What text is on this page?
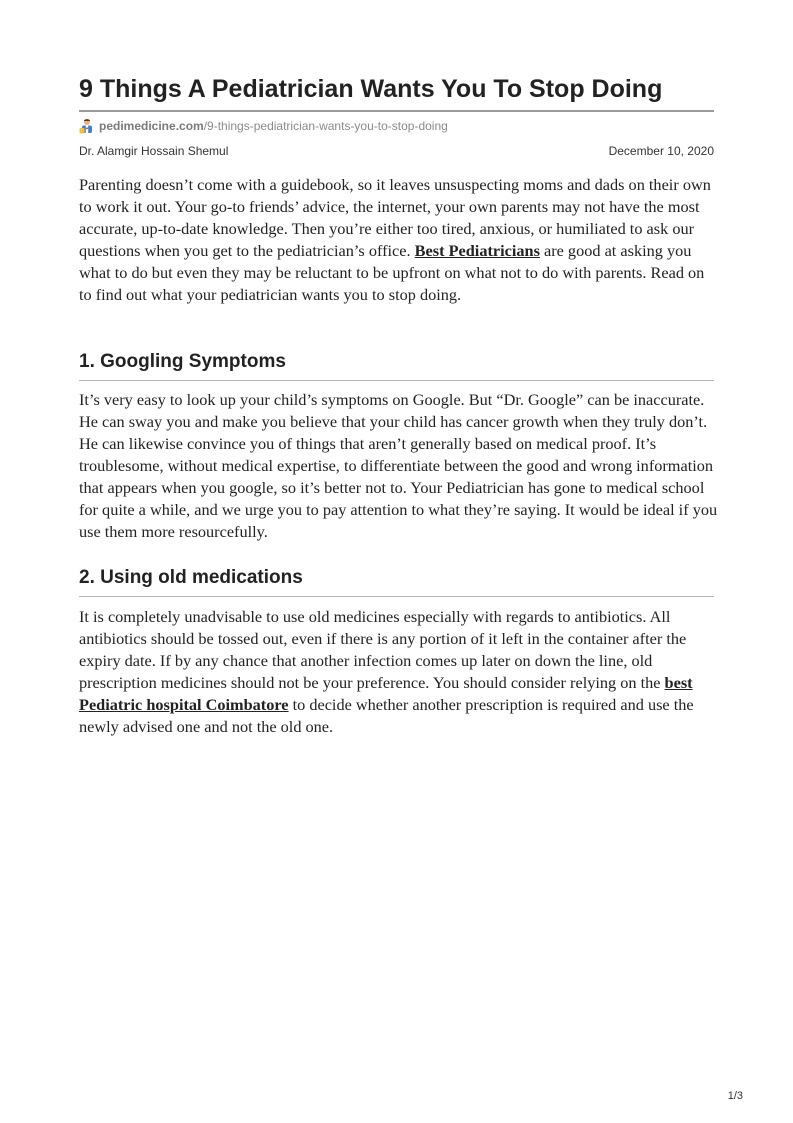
9 Things A Pediatrician Wants You To Stop Doing
pedimedicine.com /9-things-pediatrician-wants-you-to-stop-doing
Dr. Alamgir Hossain Shemul	December 10, 2020

Parenting doesn’t come with a guidebook, so it leaves unsuspecting moms and dads on their own to work it out. Your go-to friends’ advice, the internet, your own parents may not have the most accurate, up-to-date knowledge. Then you’re either too tired, anxious, or humiliated to ask our questions when you get to the pediatrician’s office. Best Pediatricians are good at asking you what to do but even they may be reluctant to be upfront on what not to do with parents. Read on to find out what your pediatrician wants you to stop doing.

1. Googling Symptoms

It’s very easy to look up your child’s symptoms on Google. But “Dr. Google” can be inaccurate. He can sway you and make you believe that your child has cancer growth when they truly don’t. He can likewise convince you of things that aren’t generally based on medical proof. It’s troublesome, without medical expertise, to differentiate between the good and wrong information that appears when you google, so it’s better not to. Your Pediatrician has gone to medical school for quite a while, and we urge you to pay attention to what they’re saying. It would be ideal if you use them more resourcefully.

2. Using old medications

It is completely unadvisable to use old medicines especially with regards to antibiotics. All antibiotics should be tossed out, even if there is any portion of it left in the container after the expiry date. If by any chance that another infection comes up later on down the line, old prescription medicines should not be your preference. You should consider relying on the best Pediatric hospital Coimbatore to decide whether another prescription is required and use the newly advised one and not the old one.

1/3
